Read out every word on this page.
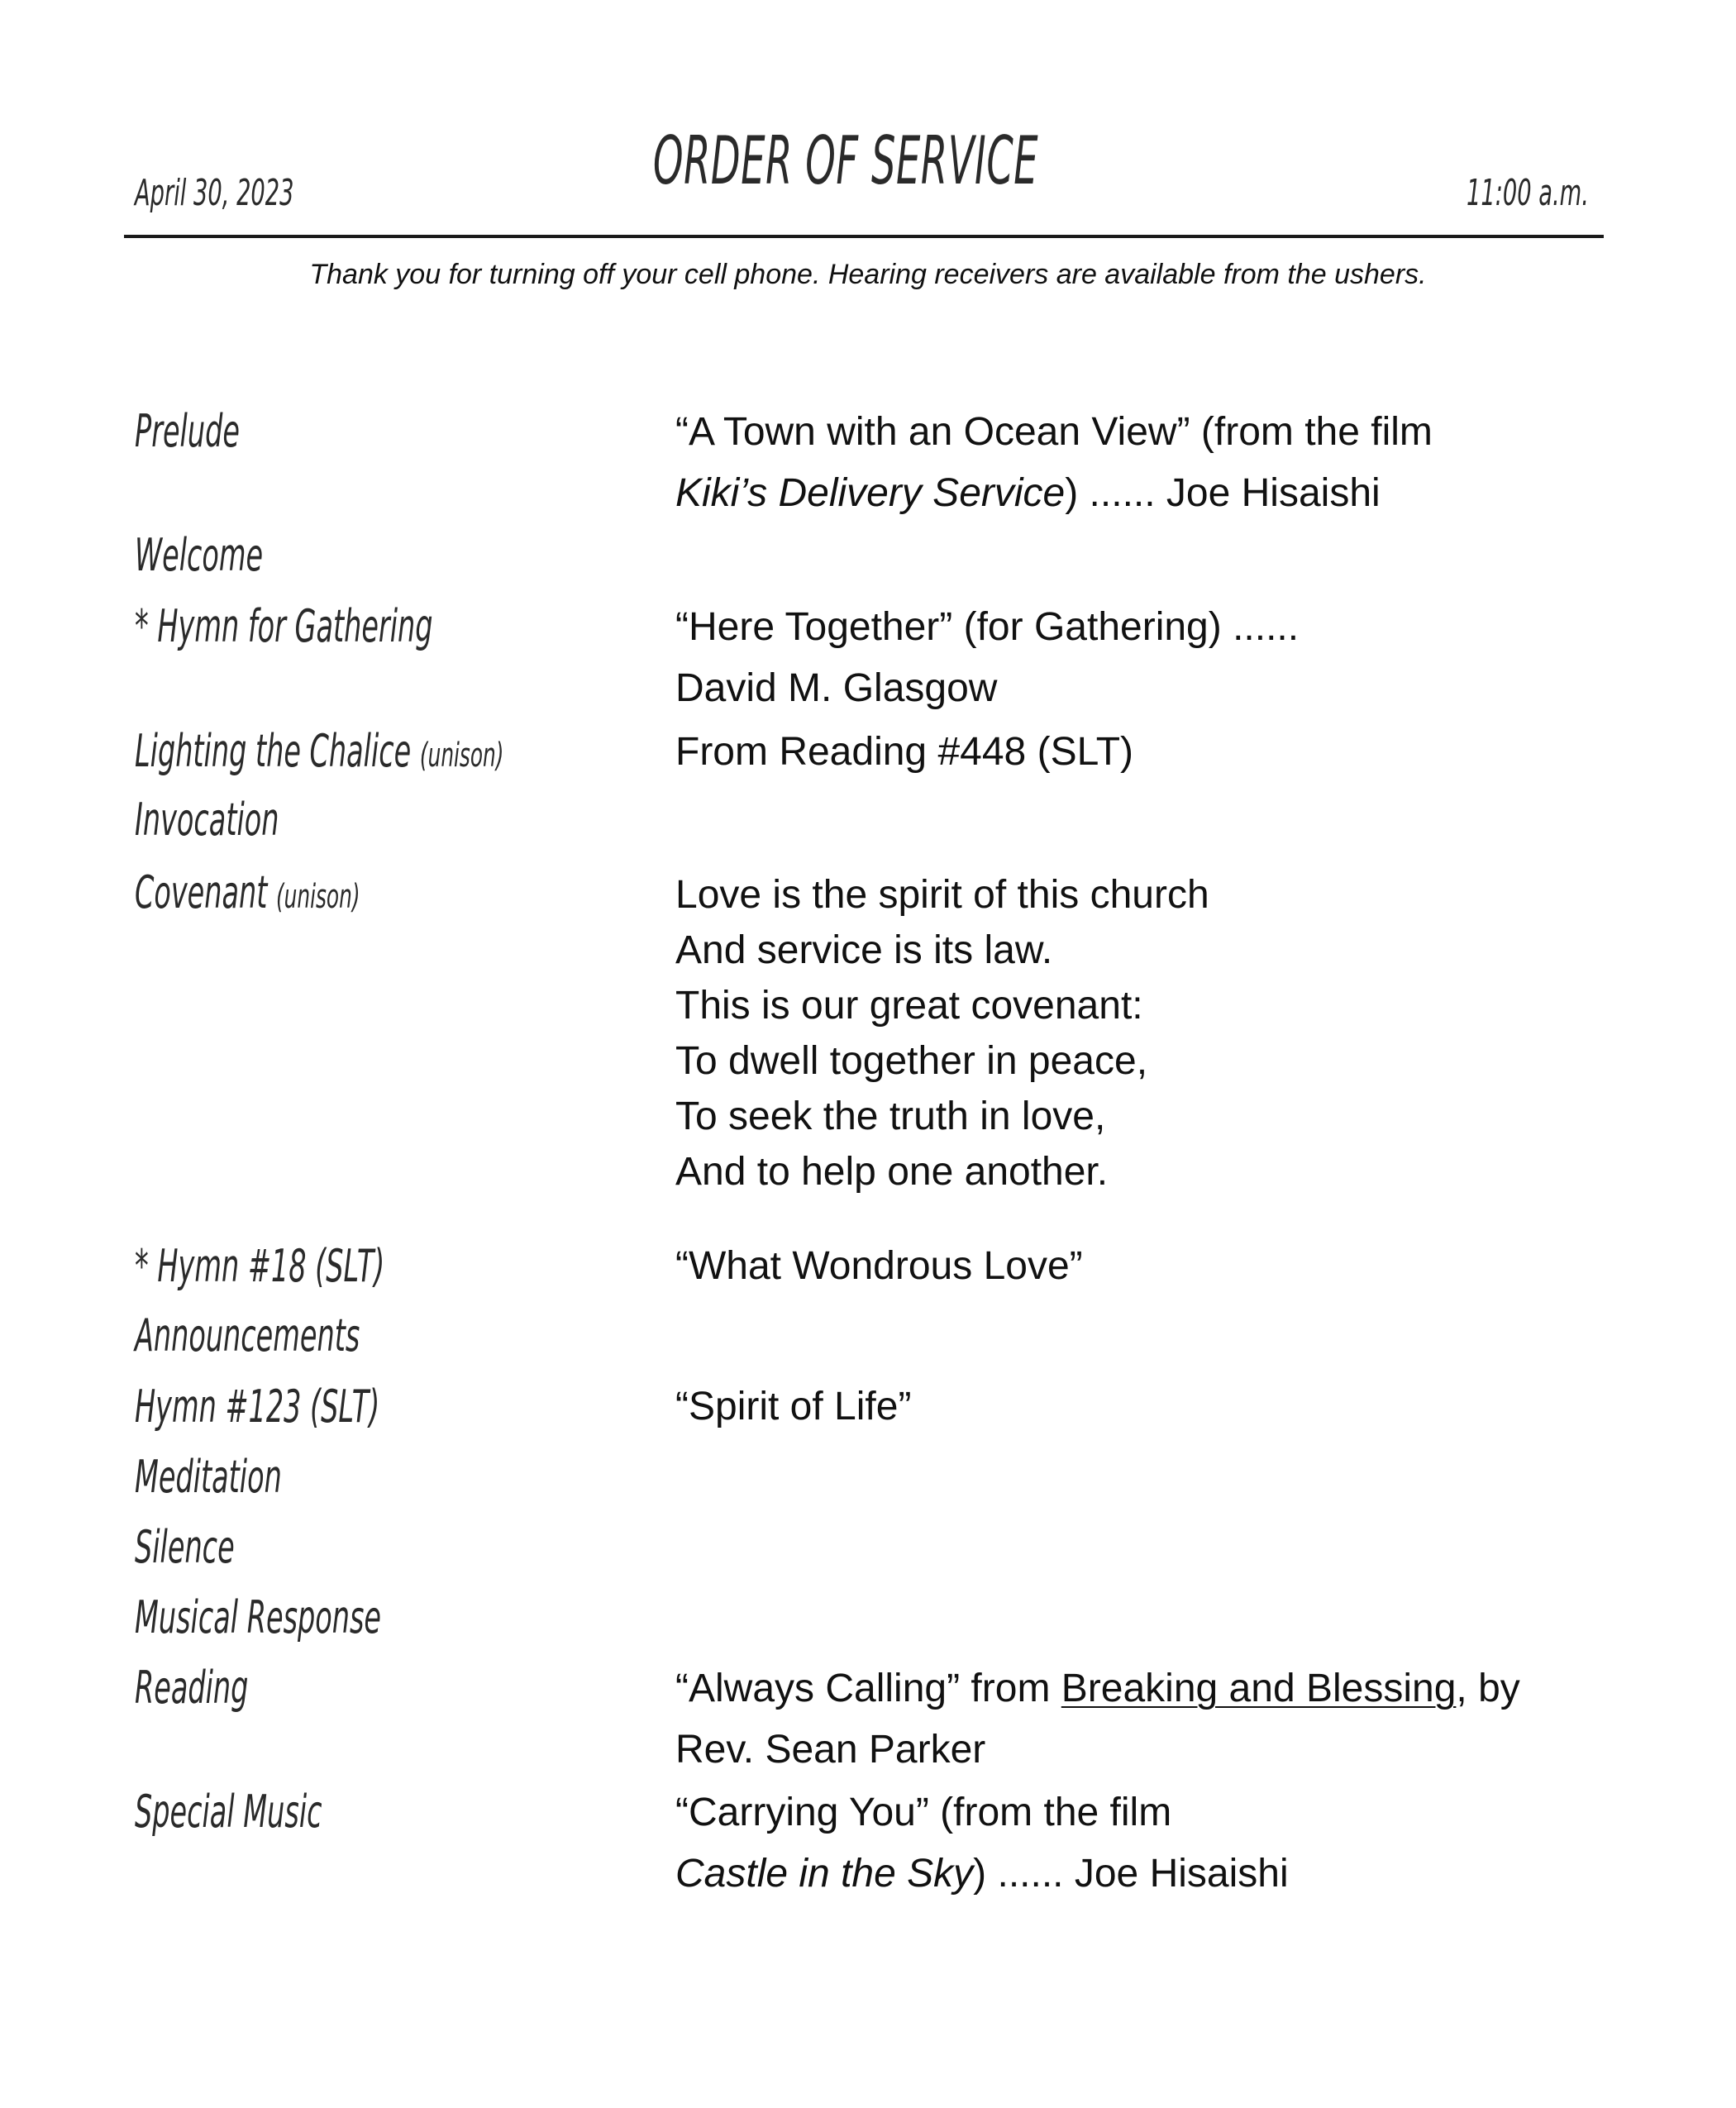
April 30, 2023	ORDER OF SERVICE	11:00 a.m.
Thank you for turning off your cell phone. Hearing receivers are available from the ushers.
Prelude	“A Town with an Ocean View” (from the film
Kiki’s Delivery Service) ...... Joe Hisaishi
Welcome
* Hymn for Gathering	“Here Together” (for Gathering) ......
David M. Glasgow
Lighting the Chalice (unison)	From Reading #448 (SLT)
Invocation
Covenant (unison)	Love is the spirit of this church
And service is its law.
This is our great covenant:
To dwell together in peace,
To seek the truth in love,
And to help one another.
* Hymn #18 (SLT)	“What Wondrous Love”
Announcements
Hymn #123 (SLT)	“Spirit of Life”
Meditation
Silence
Musical Response
Reading	“Always Calling” from Breaking and Blessing, by
Rev. Sean Parker
Special Music	“Carrying You” (from the film
Castle in the Sky) ...... Joe Hisaishi
